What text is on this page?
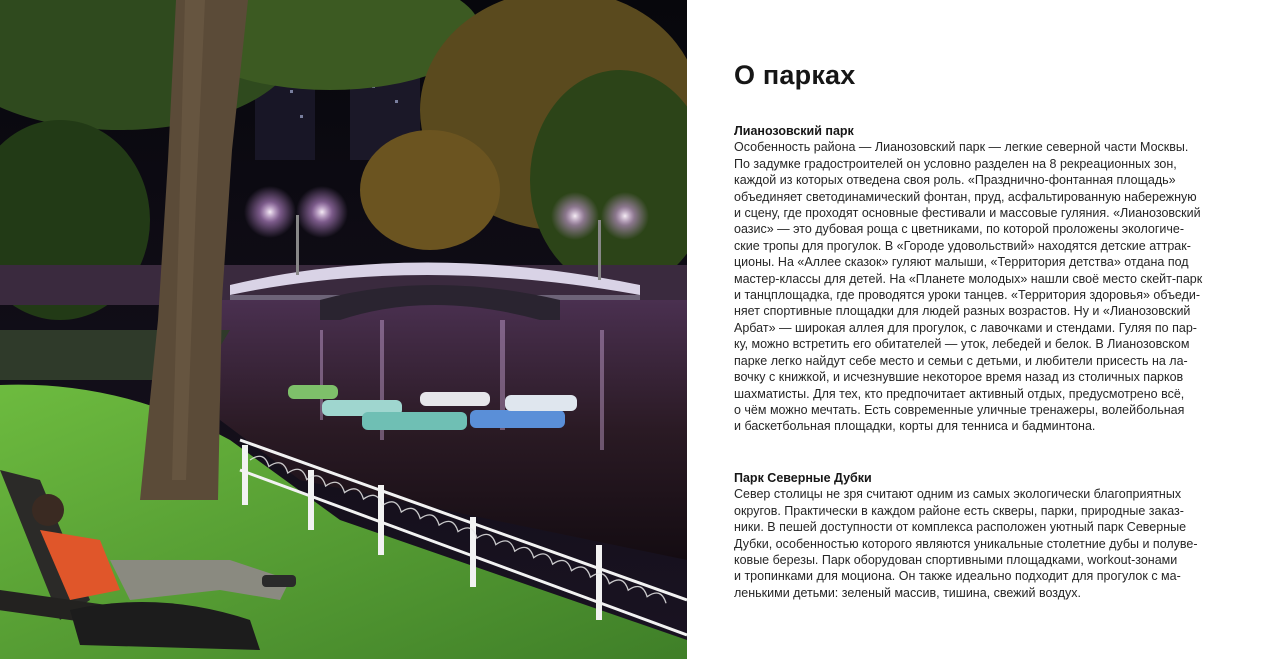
О парках
Лианозовский парк
Особенность района — Лианозовский парк — легкие северной части Москвы.
По задумке градостроителей он условно разделен на 8 рекреационных зон,
каждой из которых отведена своя роль. «Празднично-фонтанная площадь»
объединяет светодинамический фонтан, пруд, асфальтированную набережную
и сцену, где проходят основные фестивали и массовые гуляния. «Лианозовский
оазис» — это дубовая роща с цветниками, по которой проложены экологиче-
ские тропы для прогулок. В «Городе удовольствий» находятся детские аттрак-
ционы. На «Аллее сказок» гуляют малыши, «Территория детства» отдана под
мастер-классы для детей. На «Планете молодых» нашли своё место скейт-парк
и танцплощадка, где проводятся уроки танцев. «Территория здоровья» объеди-
няет спортивные площадки для людей разных возрастов. Ну и «Лианозовский
Арбат» — широкая аллея для прогулок, с лавочками и стендами. Гуляя по пар-
ку, можно встретить его обитателей — уток, лебедей и белок. В Лианозовском
парке легко найдут себе место и семьи с детьми, и любители присесть на ла-
вочку с книжкой, и исчезнувшие некоторое время назад из столичных парков
шахматисты. Для тех, кто предпочитает активный отдых, предусмотрено всё,
о чём можно мечтать. Есть современные уличные тренажеры, волейбольная
и баскетбольная площадки, корты для тенниса и бадминтона.
Парк Северные Дубки
Север столицы не зря считают одним из самых экологически благоприятных
округов. Практически в каждом районе есть скверы, парки, природные заказ-
ники. В пешей доступности от комплекса расположен уютный парк Северные
Дубки, особенностью которого являются уникальные столетние дубы и полуве-
ковые березы. Парк оборудован спортивными площадками, workout-зонами
и тропинками для моциона. Он также идеально подходит для прогулок с ма-
ленькими детьми: зеленый массив, тишина, свежий воздух.
